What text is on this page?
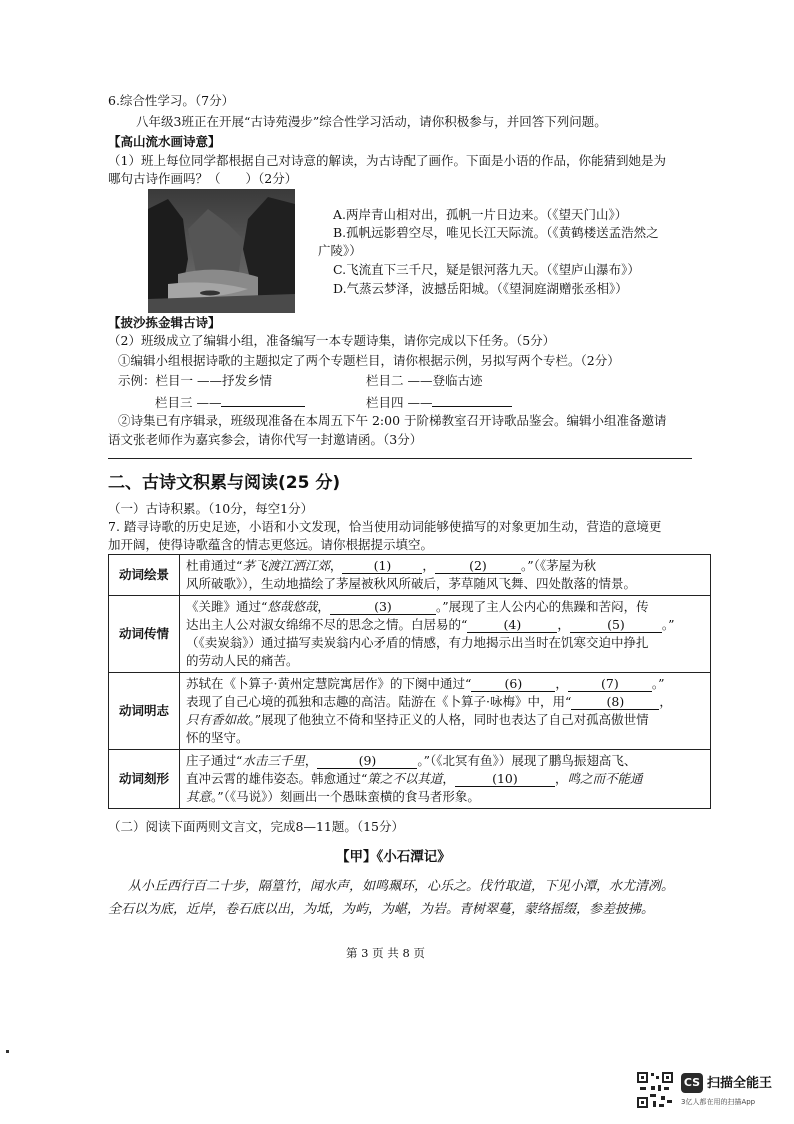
6.综合性学习。（7分）
八年级3班正在开展“古诗苑漫步”综合性学习活动，请你积极参与，并回答下列问题。
【高山流水画诗意】
（1）班上每位同学都根据自己对诗意的解读，为古诗配了画作。下面是小语的作品，你能猜到她是为
哪句古诗作画吗？（　　）（2分）
A.两岸青山相对出，孤帆一片日边来。（《望天门山》）
B.孤帆远影碧空尽，唯见长江天际流。（《黄鹤楼送孟浩然之
广陵》）
C.飞流直下三千尺，疑是银河落九天。（《望庐山瀑布》）
D.气蒸云梦泽，波撼岳阳城。（《望洞庭湖赠张丞相》）
【披沙拣金辑古诗】
（2）班级成立了编辑小组，准备编写一本专题诗集，请你完成以下任务。（5分）
①编辑小组根据诗歌的主题拟定了两个专题栏目，请你根据示例，另拟写两个专栏。（2分）
示例：栏目一 ——抒发乡情	栏目二 ——登临古迹
栏目三 ——	栏目四 ——
②诗集已有序辑录，班级现准备在本周五下午 2:00 于阶梯教室召开诗歌品鉴会。编辑小组准备邀请
语文张老师作为嘉宾参会，请你代写一封邀请函。（3分）
二、古诗文积累与阅读(25 分)
（一）古诗积累。（10分，每空1分）
7. 踏寻诗歌的历史足迹，小语和小文发现，恰当使用动词能够使描写的对象更加生动，营造的意境更
加开阔，使得诗歌蕴含的情志更悠远。请你根据提示填空。
动词绘景	杜甫通过“茅飞渡江洒江郊， (1) ， (2) 。”（《茅屋为秋
风所破歌》），生动地描绘了茅屋被秋风所破后，茅草随风飞舞、四处散落的情景。
动词传情	《关雎》通过“悠哉悠哉， (3) 。”展现了主人公内心的焦躁和苦闷，传
达出主人公对淑女绵绵不尽的思念之情。白居易的“ (4) ， (5) 。”
（《卖炭翁》）通过描写卖炭翁内心矛盾的情感，有力地揭示出当时在饥寒交迫中挣扎
的劳动人民的痛苦。
动词明志	苏轼在《卜算子·黄州定慧院寓居作》的下阕中通过“ (6) ， (7) 。”
表现了自己心境的孤独和志趣的高洁。陆游在《卜算子·咏梅》中，用“ (8) ，
只有香如故。”展现了他独立不倚和坚持正义的人格，同时也表达了自己对孤高傲世情
怀的坚守。
动词刻形	庄子通过“水击三千里， (9) 。”（《北冥有鱼》）展现了鹏鸟振翅高飞、
直冲云霄的雄伟姿态。韩愈通过“策之不以其道， (10) ，鸣之而不能通
其意。”（《马说》）刻画出一个愚昧蛮横的食马者形象。
（二）阅读下面两则文言文，完成8—11题。（15分）
【甲】《小石潭记》
从小丘西行百二十步，隔篁竹，闻水声，如鸣珮环，心乐之。伐竹取道，下见小潭，水尤清冽。
全石以为底，近岸，卷石底以出，为坻，为屿，为嵁，为岩。青树翠蔓，蒙络摇缀，参差披拂。
第 3 页 共 8 页
CS 扫描全能王
3亿人都在用的扫描App
